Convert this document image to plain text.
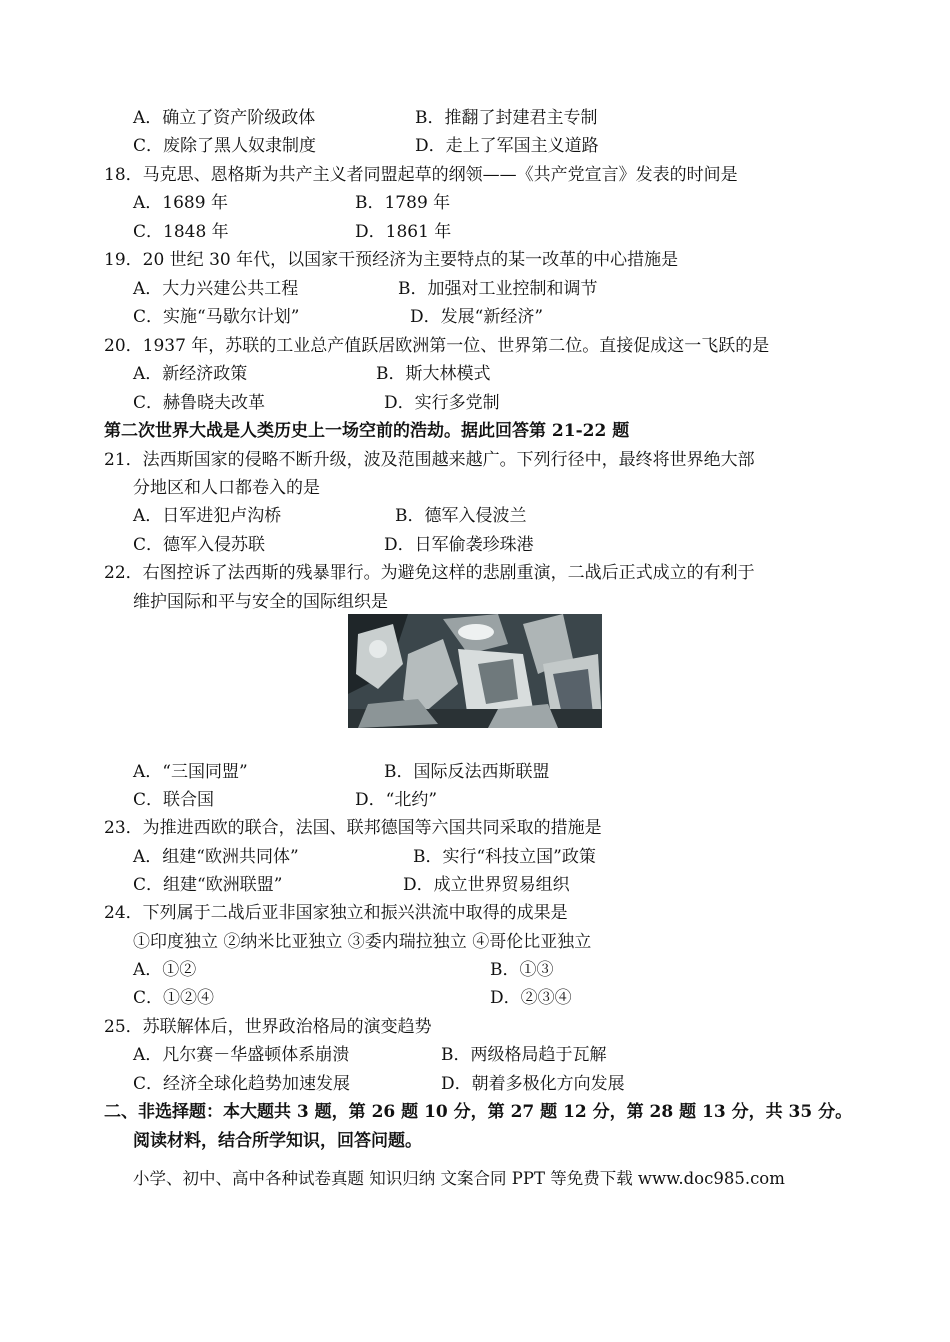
A．确立了资产阶级政体	B．推翻了封建君主专制
C．废除了黑人奴隶制度	D．走上了军国主义道路
18．马克思、恩格斯为共产主义者同盟起草的纲领——《共产党宣言》发表的时间是
A．1689 年	B．1789 年
C．1848 年	D．1861 年
19．20 世纪 30 年代，以国家干预经济为主要特点的某一改革的中心措施是
A．大力兴建公共工程	B．加强对工业控制和调节
C．实施“马歇尔计划”	D．发展“新经济”
20．1937 年，苏联的工业总产值跃居欧洲第一位、世界第二位。直接促成这一飞跃的是
A．新经济政策	B．斯大林模式
C．赫鲁晓夫改革	D．实行多党制
第二次世界大战是人类历史上一场空前的浩劫。据此回答第 21-22 题
21．法西斯国家的侵略不断升级，波及范围越来越广。下列行径中，最终将世界绝大部
分地区和人口都卷入的是
A．日军进犯卢沟桥	B．德军入侵波兰
C．德军入侵苏联	D．日军偷袭珍珠港
22．右图控诉了法西斯的残暴罪行。为避免这样的悲剧重演，二战后正式成立的有利于
维护国际和平与安全的国际组织是
A．“三国同盟”	B．国际反法西斯联盟
C．联合国	D．“北约”
23．为推进西欧的联合，法国、联邦德国等六国共同采取的措施是
A．组建“欧洲共同体”	B．实行“科技立国”政策
C．组建“欧洲联盟”	D．成立世界贸易组织
24．下列属于二战后亚非国家独立和振兴洪流中取得的成果是
①印度独立 ②纳米比亚独立 ③委内瑞拉独立 ④哥伦比亚独立
A．①②	B．①③
C．①②④	D．②③④
25．苏联解体后，世界政治格局的演变趋势
A．凡尔赛－华盛顿体系崩溃	B．两级格局趋于瓦解
C．经济全球化趋势加速发展	D．朝着多极化方向发展
二、非选择题：本大题共 3 题，第 26 题 10 分，第 27 题 12 分，第 28 题 13 分，共 35 分。
阅读材料，结合所学知识，回答问题。
小学、初中、高中各种试卷真题 知识归纳 文案合同 PPT 等免费下载 www.doc985.com
